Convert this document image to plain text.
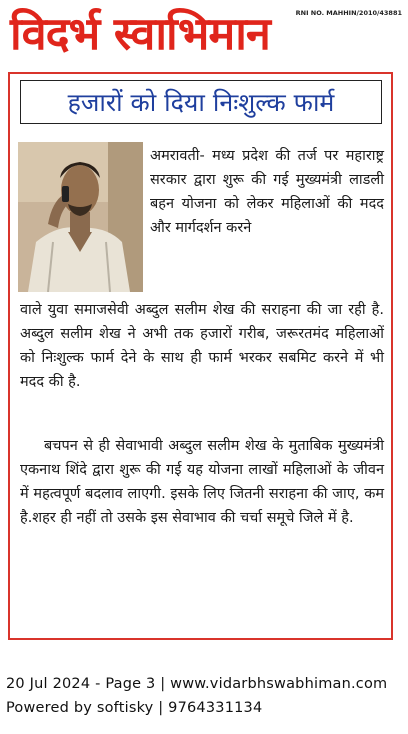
विदर्भ स्वाभिमान	RNI NO. MAHHIN/2010/43881
हजारों को दिया निःशुल्क फार्म
अमरावती- मध्य प्रदेश की तर्ज पर महाराष्ट्र सरकार द्वारा शुरू की गई मुख्यमंत्री लाडली बहन योजना को लेकर महिलाओं की मदद और मार्गदर्शन करने
वाले युवा समाजसेवी अब्दुल सलीम शेख की सराहना की जा रही है. अब्दुल सलीम शेख ने अभी तक हजारों गरीब, जरूरतमंद महिलाओं को निःशुल्क फार्म देने के साथ ही फार्म भरकर सबमिट करने में भी मदद की है.
बचपन से ही सेवाभावी अब्दुल सलीम शेख के मुताबिक मुख्यमंत्री एकनाथ शिंदे द्वारा शुरू की गई यह योजना लाखों महिलाओं के जीवन में महत्वपूर्ण बदलाव लाएगी. इसके लिए जितनी सराहना की जाए, कम है.शहर ही नहीं तो उसके इस सेवाभाव की चर्चा समूचे जिले में है.
20 Jul 2024 - Page 3 | www.vidarbhswabhiman.com
Powered by softisky | 9764331134
